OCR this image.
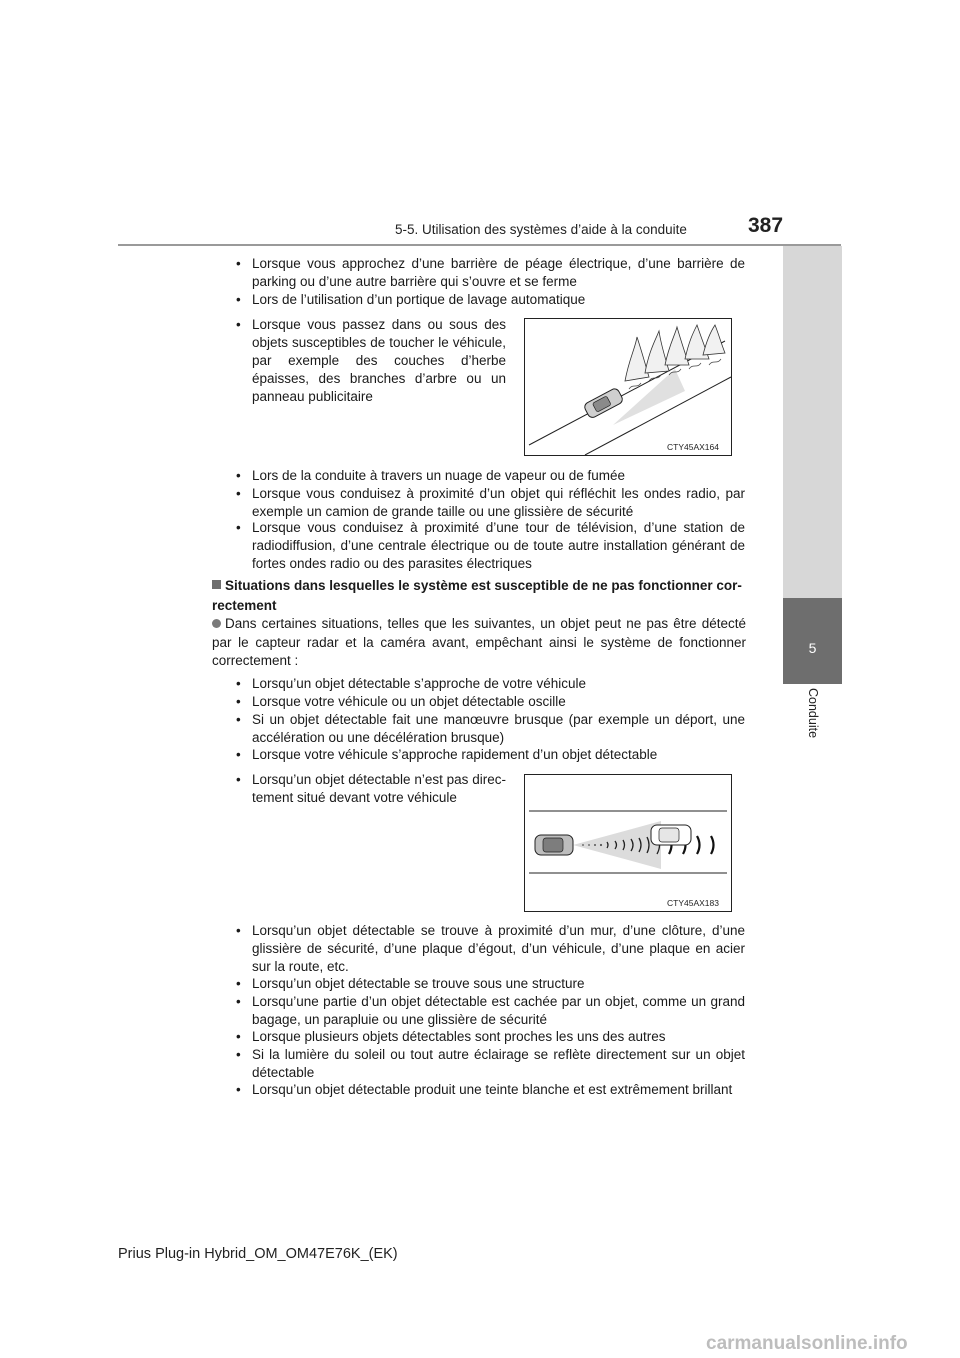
5-5. Utilisation des systèmes d’aide à la conduite	387
5
Conduite
• Lorsque vous approchez d’une barrière de péage électrique, d’une barrière de parking ou d’une autre barrière qui s’ouvre et se ferme
• Lors de l’utilisation d’un portique de lavage automatique
• Lorsque vous passez dans ou sous des objets susceptibles de toucher le véhicule, par exemple des couches d’herbe épaisses, des branches d’arbre ou un panneau publicitaire
CTY45AX164
• Lors de la conduite à travers un nuage de vapeur ou de fumée
• Lorsque vous conduisez à proximité d’un objet qui réfléchit les ondes radio, par exemple un camion de grande taille ou une glissière de sécurité
• Lorsque vous conduisez à proximité d’une tour de télévision, d’une station de radiodiffusion, d’une centrale électrique ou de toute autre installation générant de fortes ondes radio ou des parasites électriques
Situations dans lesquelles le système est susceptible de ne pas fonctionner cor-rectement
Dans certaines situations, telles que les suivantes, un objet peut ne pas être détecté par le capteur radar et la caméra avant, empêchant ainsi le système de fonctionner correctement :
• Lorsqu’un objet détectable s’approche de votre véhicule
• Lorsque votre véhicule ou un objet détectable oscille
• Si un objet détectable fait une manœuvre brusque (par exemple un déport, une accélération ou une décélération brusque)
• Lorsque votre véhicule s’approche rapidement d’un objet détectable
• Lorsqu’un objet détectable n’est pas direc-tement situé devant votre véhicule
CTY45AX183
• Lorsqu’un objet détectable se trouve à proximité d’un mur, d’une clôture, d’une glissière de sécurité, d’une plaque d’égout, d’un véhicule, d’une plaque en acier sur la route, etc.
• Lorsqu’un objet détectable se trouve sous une structure
• Lorsqu’une partie d’un objet détectable est cachée par un objet, comme un grand bagage, un parapluie ou une glissière de sécurité
• Lorsque plusieurs objets détectables sont proches les uns des autres
• Si la lumière du soleil ou tout autre éclairage se reflète directement sur un objet détectable
• Lorsqu’un objet détectable produit une teinte blanche et est extrêmement brillant
Prius Plug-in Hybrid_OM_OM47E76K_(EK)
carmanualsonline.info
